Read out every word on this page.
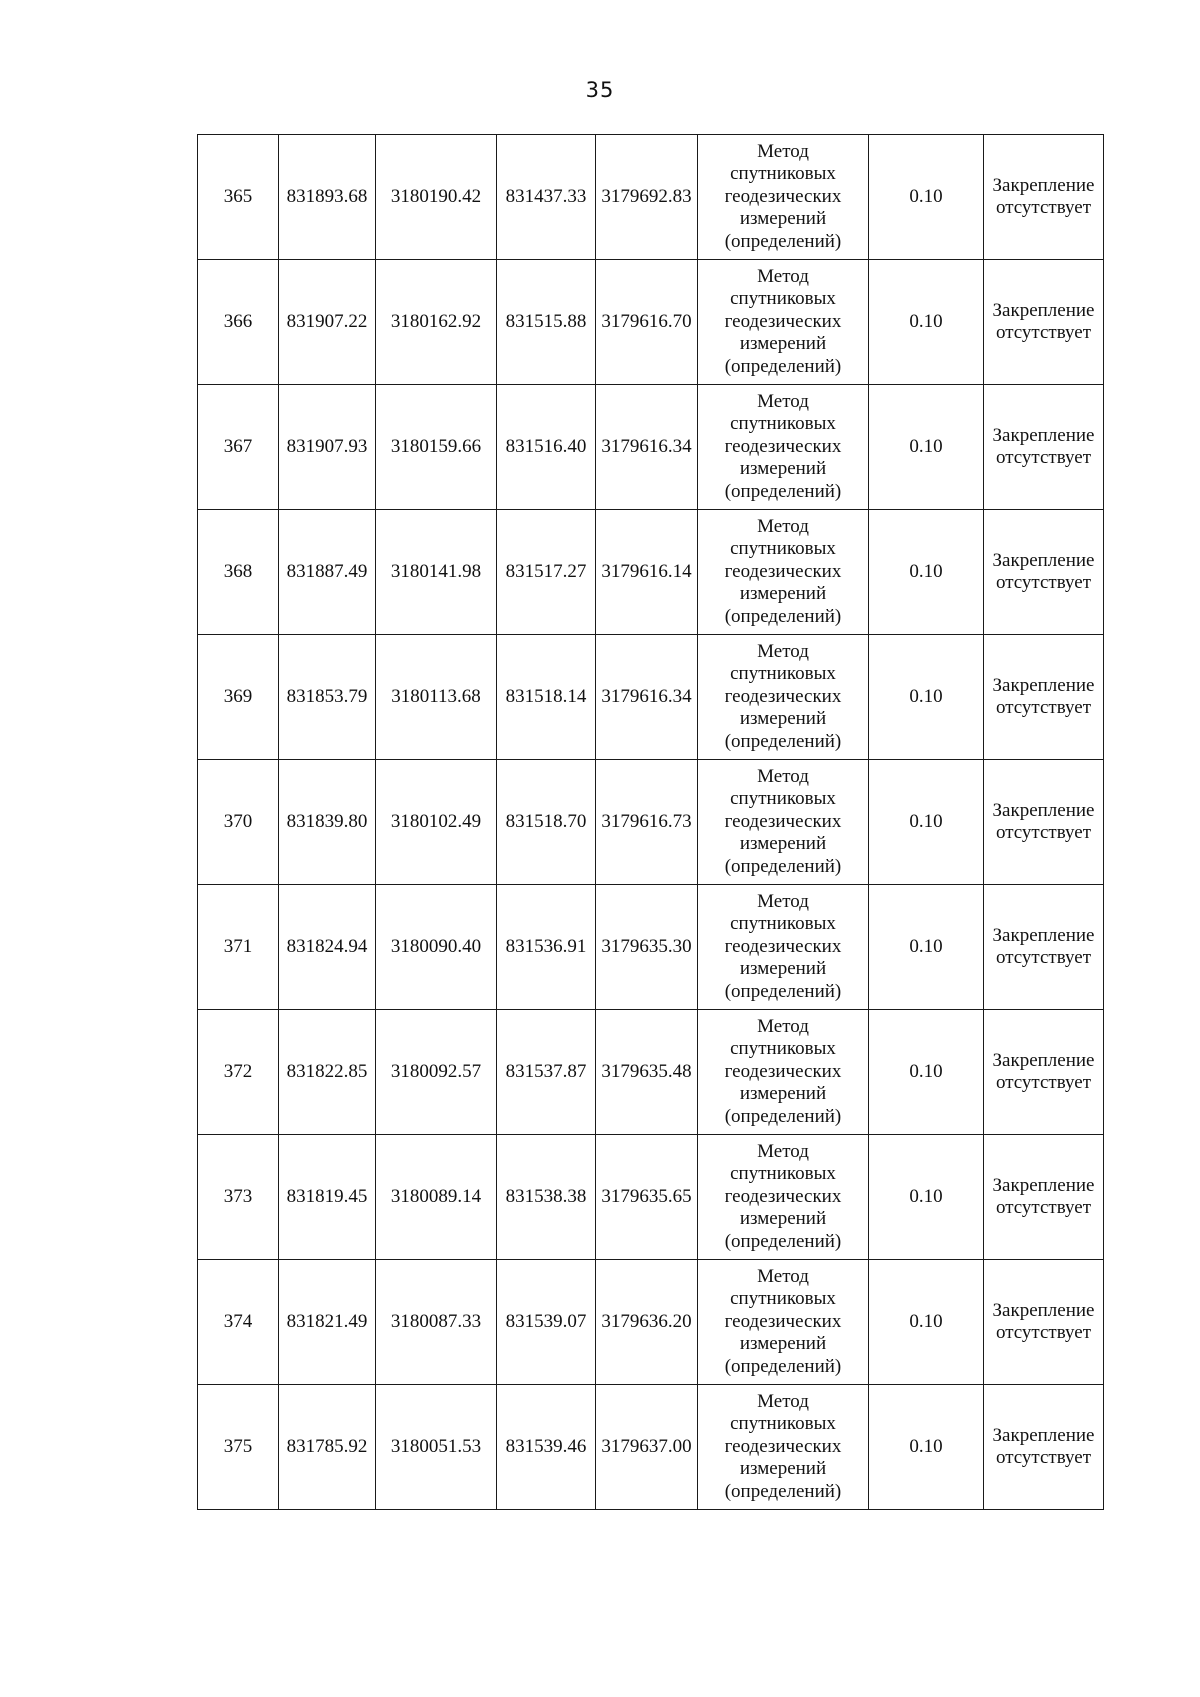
35
365	831893.68	3180190.42	831437.33	3179692.83	Метод
спутниковых
геодезических
измерений
(определений)	0.10	Закрепление
отсутствует
366	831907.22	3180162.92	831515.88	3179616.70	Метод
спутниковых
геодезических
измерений
(определений)	0.10	Закрепление
отсутствует
367	831907.93	3180159.66	831516.40	3179616.34	Метод
спутниковых
геодезических
измерений
(определений)	0.10	Закрепление
отсутствует
368	831887.49	3180141.98	831517.27	3179616.14	Метод
спутниковых
геодезических
измерений
(определений)	0.10	Закрепление
отсутствует
369	831853.79	3180113.68	831518.14	3179616.34	Метод
спутниковых
геодезических
измерений
(определений)	0.10	Закрепление
отсутствует
370	831839.80	3180102.49	831518.70	3179616.73	Метод
спутниковых
геодезических
измерений
(определений)	0.10	Закрепление
отсутствует
371	831824.94	3180090.40	831536.91	3179635.30	Метод
спутниковых
геодезических
измерений
(определений)	0.10	Закрепление
отсутствует
372	831822.85	3180092.57	831537.87	3179635.48	Метод
спутниковых
геодезических
измерений
(определений)	0.10	Закрепление
отсутствует
373	831819.45	3180089.14	831538.38	3179635.65	Метод
спутниковых
геодезических
измерений
(определений)	0.10	Закрепление
отсутствует
374	831821.49	3180087.33	831539.07	3179636.20	Метод
спутниковых
геодезических
измерений
(определений)	0.10	Закрепление
отсутствует
375	831785.92	3180051.53	831539.46	3179637.00	Метод
спутниковых
геодезических
измерений
(определений)	0.10	Закрепление
отсутствует
